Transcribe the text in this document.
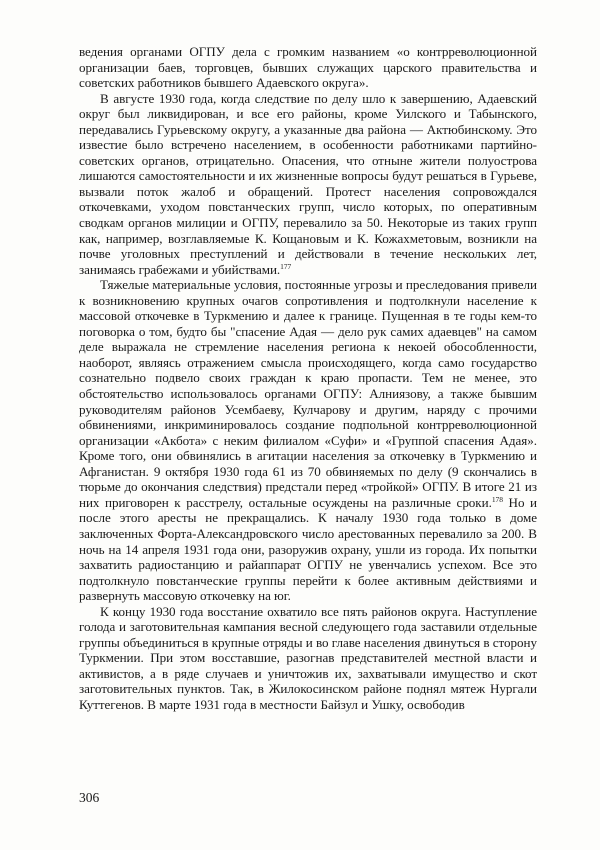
ведения органами ОГПУ дела с громким названием «о контрреволюционной организации баев, торговцев, бывших служащих царского правительства и советских работников бывшего Адаевского округа».

В августе 1930 года, когда следствие по делу шло к завершению, Адаевский округ был ликвидирован, и все его районы, кроме Уилского и Табынского, передавались Гурьевскому округу, а указанные два района — Актюбинскому. Это известие было встречено населением, в особенности работниками партийно-советских органов, отрицательно. Опасения, что отныне жители полуострова лишаются самостоятельности и их жизненные вопросы будут решаться в Гурьеве, вызвали поток жалоб и обращений. Протест населения сопровождался откочевками, уходом повстанческих групп, число которых, по оперативным сводкам органов милиции и ОГПУ, перевалило за 50. Некоторые из таких групп как, например, возглавляемые К. Кощановым и К. Кожахметовым, возникли на почве уголовных преступлений и действовали в течение нескольких лет, занимаясь грабежами и убийствами.$^{177}$

Тяжелые материальные условия, постоянные угрозы и преследования привели к возникновению крупных очагов сопротивления и подтолкнули население к массовой откочевке в Туркмению и далее к границе. Пущенная в те годы кем-то поговорка о том, будто бы "спасение Адая — дело рук самих адаевцев" на самом деле выражала не стремление населения региона к некоей обособленности, наоборот, являясь отражением смысла происходящего, когда само государство сознательно подвело своих граждан к краю пропасти. Тем не менее, это обстоятельство использовалось органами ОГПУ: Алниязову, а также бывшим руководителям районов Усембаеву, Кулчарову и другим, наряду с прочими обвинениями, инкриминировалось создание подпольной контрреволюционной организации «Акбота» с неким филиалом «Суфи» и «Группой спасения Адая». Кроме того, они обвинялись в агитации населения за откочевку в Туркмению и Афганистан. 9 октября 1930 года 61 из 70 обвиняемых по делу (9 скончались в тюрьме до окончания следствия) предстали перед «тройкой» ОГПУ. В итоге 21 из них приговорен к расстрелу, остальные осуждены на различные сроки.$^{178}$ Но и после этого аресты не прекращались. К началу 1930 года только в доме заключенных Форта-Александровского число арестованных перевалило за 200. В ночь на 14 апреля 1931 года они, разоружив охрану, ушли из города. Их попытки захватить радиостанцию и райаппарат ОГПУ не увенчались успехом. Все это подтолкнуло повстанческие группы перейти к более активным действиями и развернуть массовую откочевку на юг.

К концу 1930 года восстание охватило все пять районов округа. Наступление голода и заготовительная кампания весной следующего года заставили отдельные группы объединиться в крупные отряды и во главе населения двинуться в сторону Туркмении. При этом восставшие, разогнав представителей местной власти и активистов, а в ряде случаев и уничтожив их, захватывали имущество и скот заготовительных пунктов. Так, в Жилокосинском районе поднял мятеж Нургали Куттегенов. В марте 1931 года в местности Байзул и Ушку, освободив

306
